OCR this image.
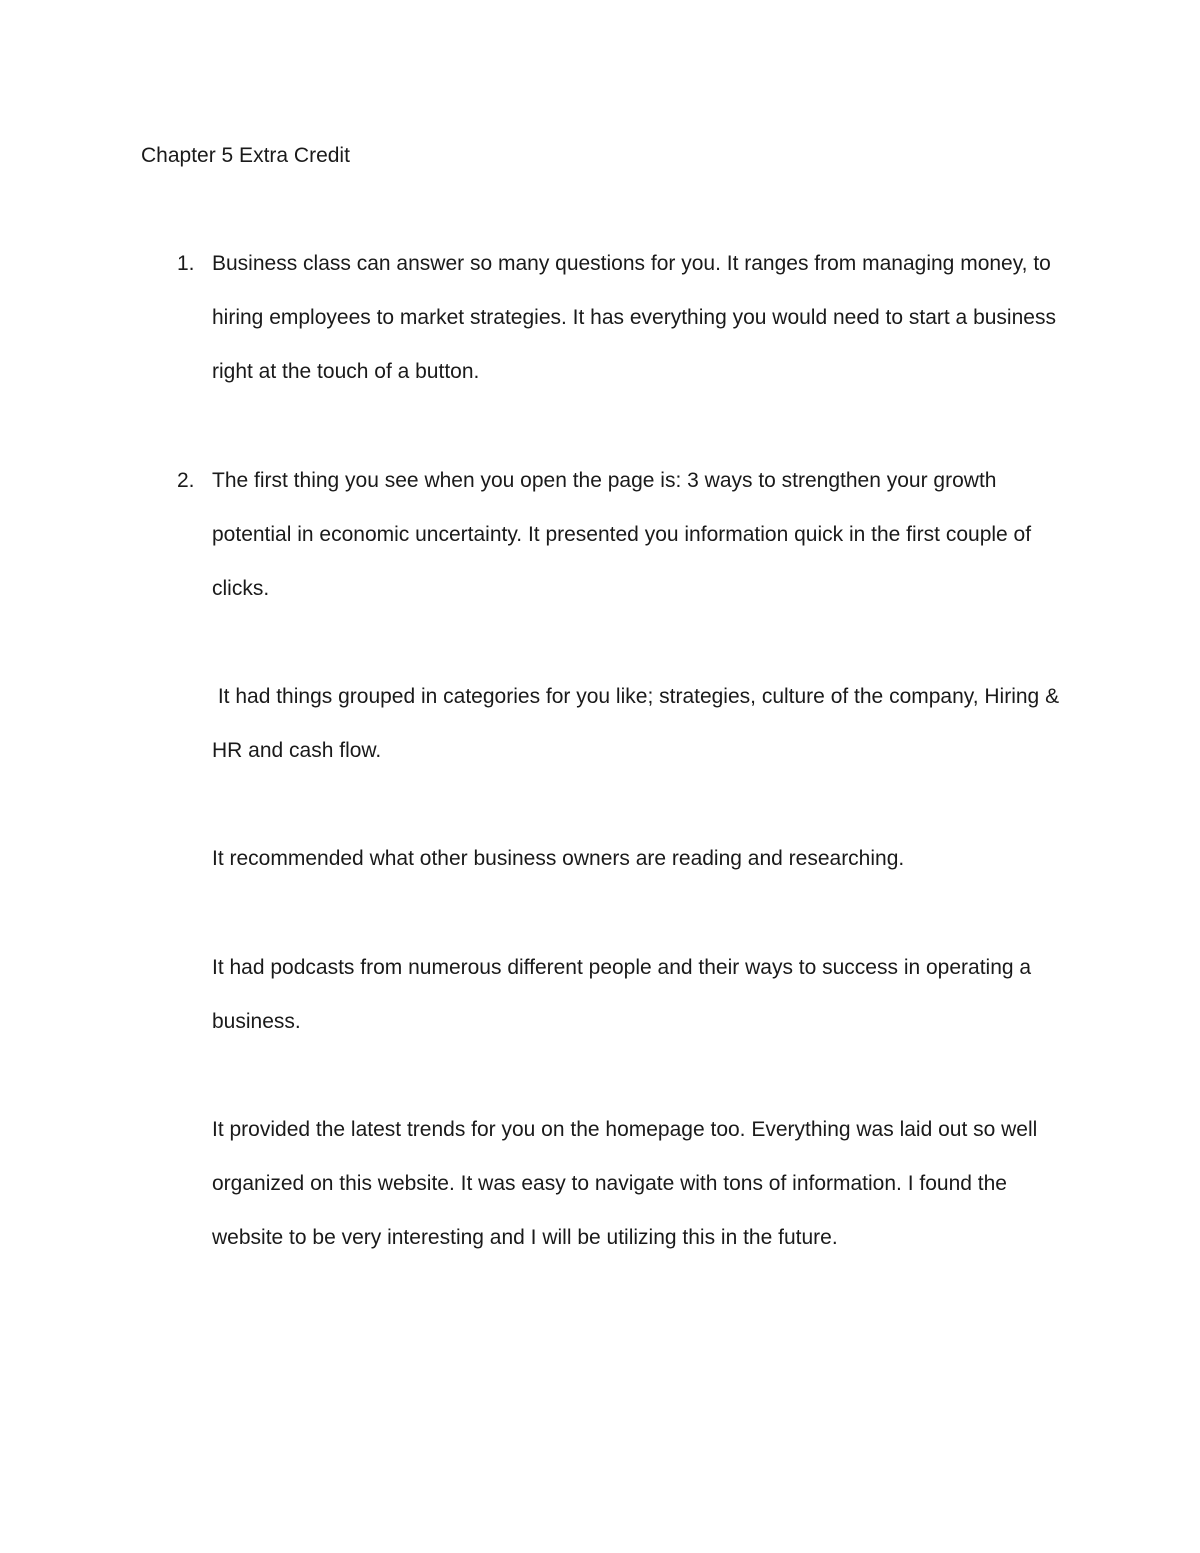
Chapter 5 Extra Credit
1. Business class can answer so many questions for you. It ranges from managing money, to hiring employees to market strategies. It has everything you would need to start a business right at the touch of a button.
2. The first thing you see when you open the page is: 3 ways to strengthen your growth potential in economic uncertainty. It presented you information quick in the first couple of clicks.

It had things grouped in categories for you like; strategies, culture of the company, Hiring & HR and cash flow.

It recommended what other business owners are reading and researching.

It had podcasts from numerous different people and their ways to success in operating a business.

It provided the latest trends for you on the homepage too. Everything was laid out so well organized on this website. It was easy to navigate with tons of information. I found the website to be very interesting and I will be utilizing this in the future.
